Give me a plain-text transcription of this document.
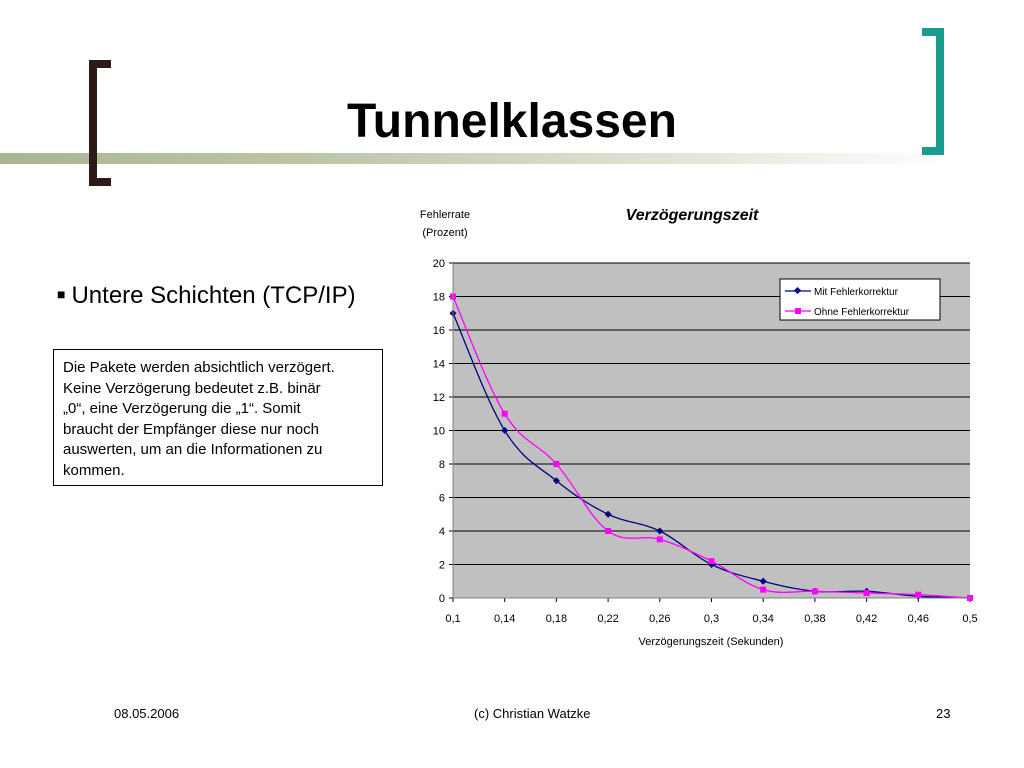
Tunnelklassen
■ Untere Schichten (TCP/IP)
Die Pakete werden absichtlich verzögert.
Keine Verzögerung bedeutet z.B. binär
„0“, eine Verzögerung die „1“. Somit
braucht der Empfänger diese nur noch
auswerten, um an die Informationen zu
kommen.
Verzögerungszeit
Fehlerrate
(Prozent)
0
2
4
6
8
10
12
14
16
18
20
0,1	0,14	0,18	0,22	0,26	0,3	0,34	0,38	0,42	0,46	0,5
Verzögerungszeit (Sekunden)
Mit Fehlerkorrektur
Ohne Fehlerkorrektur
08.05.2006	(c) Christian Watzke	23
